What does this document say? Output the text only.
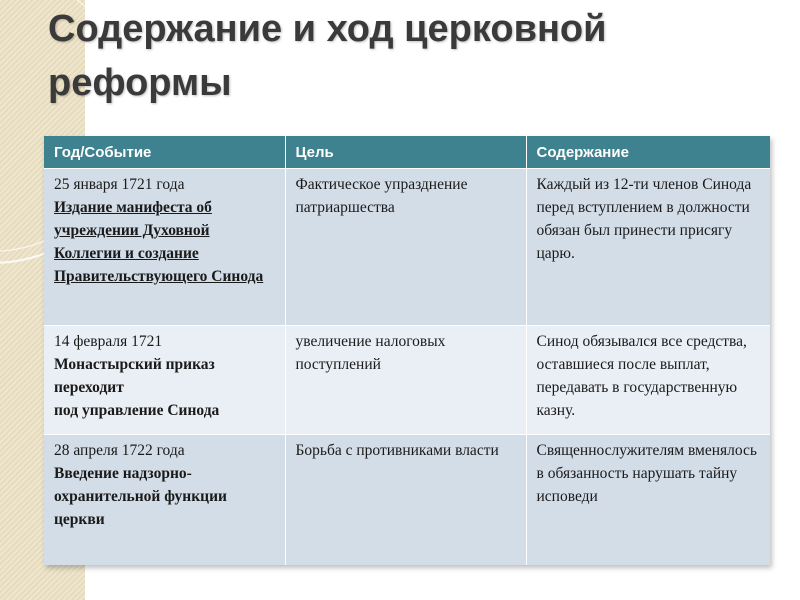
Содержание и ход церковной реформы
Год/Событие	Цель	Содержание

25 января 1721 года
Издание манифеста об учреждении Духовной Коллегии и создание Правительствующего Синода	Фактическое упразднение патриаршества	Каждый из 12-ти членов Синода перед вступлением в должности обязан был принести присягу царю.

14 февраля 1721
Монастырский приказ переходит
под управление Синода	увеличение налоговых поступлений	Синод обязывался все средства, оставшиеся после выплат, передавать в государственную казну.

28 апреля 1722 года
Введение надзорно-охранительной функции церкви	Борьба с противниками власти	Священнослужителям вменялось в обязанность нарушать тайну исповеди
